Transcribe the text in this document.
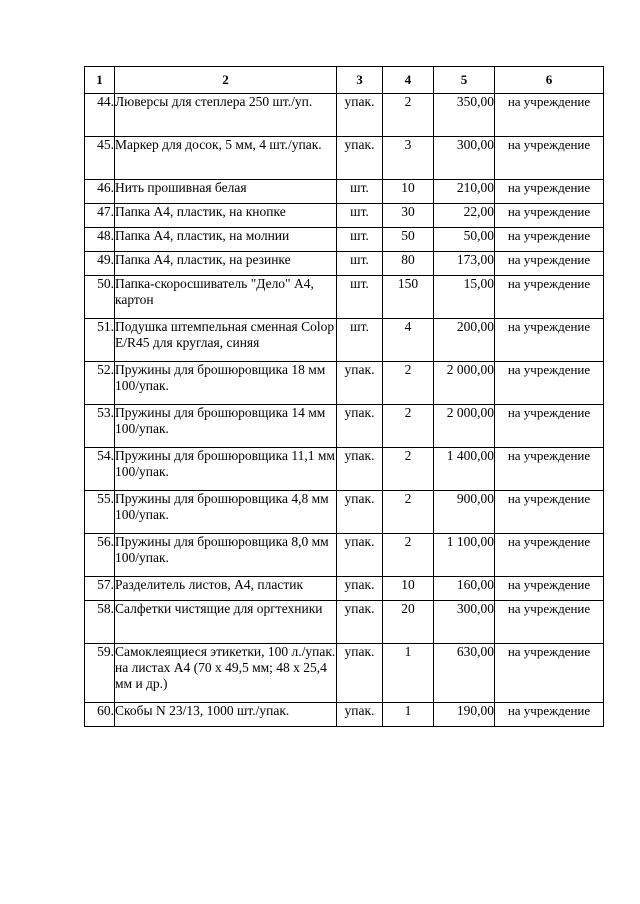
1	2	3	4	5	6
44.	Люверсы для степлера 250 шт./уп.	упак.	2	350,00	на учреждение
45.	Маркер для досок, 5 мм, 4 шт./упак.	упак.	3	300,00	на учреждение
46.	Нить прошивная белая	шт.	10	210,00	на учреждение
47.	Папка А4, пластик, на кнопке	шт.	30	22,00	на учреждение
48.	Папка А4, пластик, на молнии	шт.	50	50,00	на учреждение
49.	Папка А4, пластик, на резинке	шт.	80	173,00	на учреждение
50.	Папка-скоросшиватель "Дело" А4, картон	шт.	150	15,00	на учреждение
51.	Подушка штемпельная сменная Colop E/R45 для круглая, синяя	шт.	4	200,00	на учреждение
52.	Пружины для брошюровщика 18 мм 100/упак.	упак.	2	2 000,00	на учреждение
53.	Пружины для брошюровщика 14 мм 100/упак.	упак.	2	2 000,00	на учреждение
54.	Пружины для брошюровщика 11,1 мм 100/упак.	упак.	2	1 400,00	на учреждение
55.	Пружины для брошюровщика 4,8 мм 100/упак.	упак.	2	900,00	на учреждение
56.	Пружины для брошюровщика 8,0 мм 100/упак.	упак.	2	1 100,00	на учреждение
57.	Разделитель листов, А4, пластик	упак.	10	160,00	на учреждение
58.	Салфетки чистящие для оргтехники	упак.	20	300,00	на учреждение
59.	Самоклеящиеся этикетки, 100 л./упак. на листах А4 (70 х 49,5 мм; 48 х 25,4 мм и др.)	упак.	1	630,00	на учреждение
60.	Скобы N 23/13, 1000 шт./упак.	упак.	1	190,00	на учреждение
